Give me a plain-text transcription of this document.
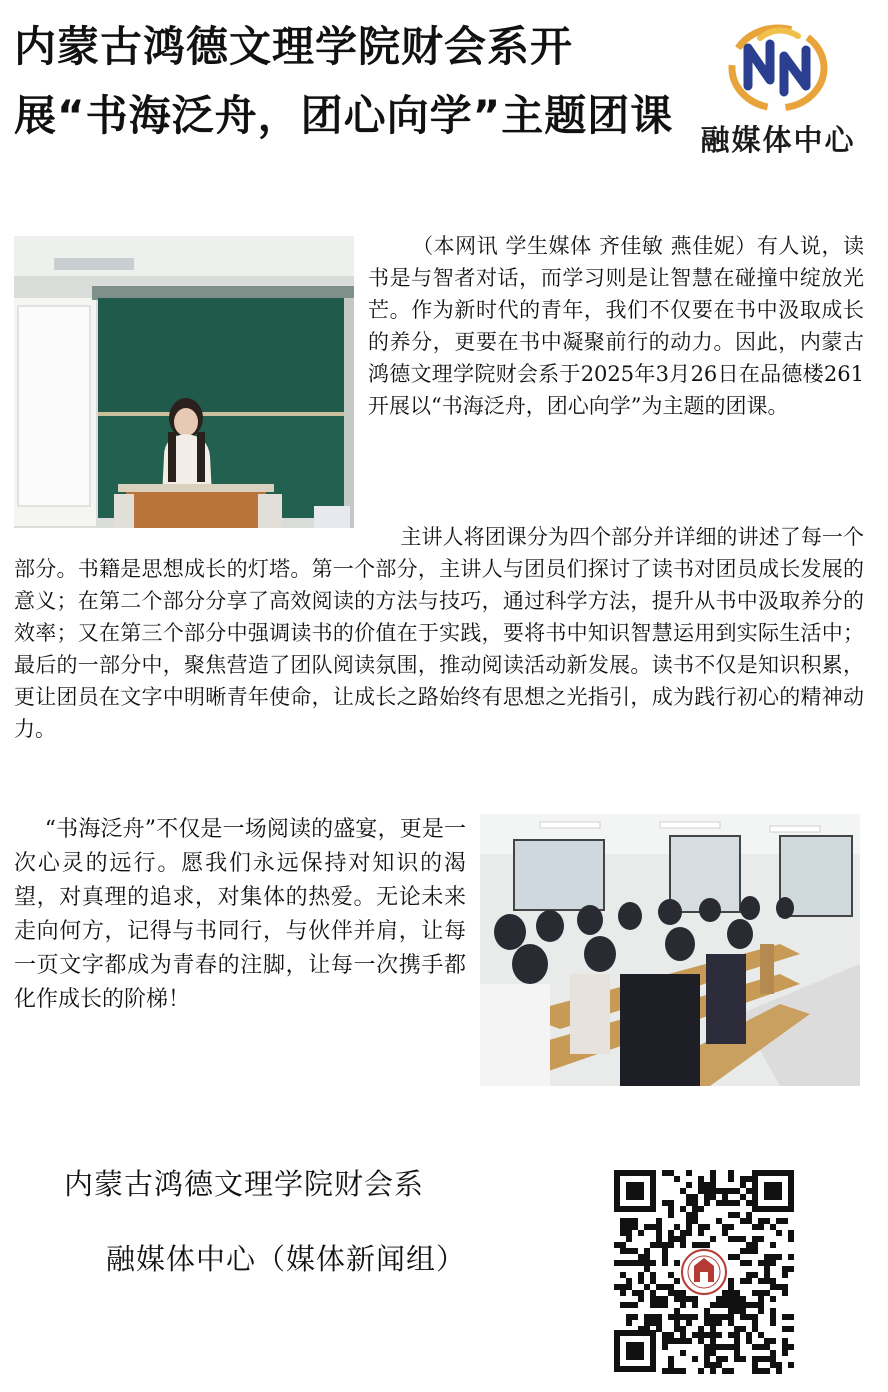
内蒙古鸿德文理学院财会系开展“书海泛舟，团心向学”主题团课 融媒体中心

（本网讯 学生媒体 齐佳敏 燕佳妮）有人说，读书是与智者对话，而学习则是让智慧在碰撞中绽放光芒。作为新时代的青年，我们不仅要在书中汲取成长的养分，更要在书中凝聚前行的动力。因此，内蒙古鸿德文理学院财会系于2025年3月26日在品德楼261开展以“书海泛舟，团心向学”为主题的团课。

主讲人将团课分为四个部分并详细的讲述了每一个部分。书籍是思想成长的灯塔。第一个部分，主讲人与团员们探讨了读书对团员成长发展的意义；在第二个部分分享了高效阅读的方法与技巧，通过科学方法，提升从书中汲取养分的效率；又在第三个部分中强调读书的价值在于实践，要将书中知识智慧运用到实际生活中；最后的一部分中，聚焦营造了团队阅读氛围，推动阅读活动新发展。读书不仅是知识积累，更让团员在文字中明晰青年使命，让成长之路始终有思想之光指引，成为践行初心的精神动力。

“书海泛舟”不仅是一场阅读的盛宴，更是一次心灵的远行。愿我们永远保持对知识的渴望，对真理的追求，对集体的热爱。无论未来走向何方，记得与书同行，与伙伴并肩，让每一页文字都成为青春的注脚，让每一次携手都化作成长的阶梯！

内蒙古鸿德文理学院财会系
融媒体中心（媒体新闻组）
